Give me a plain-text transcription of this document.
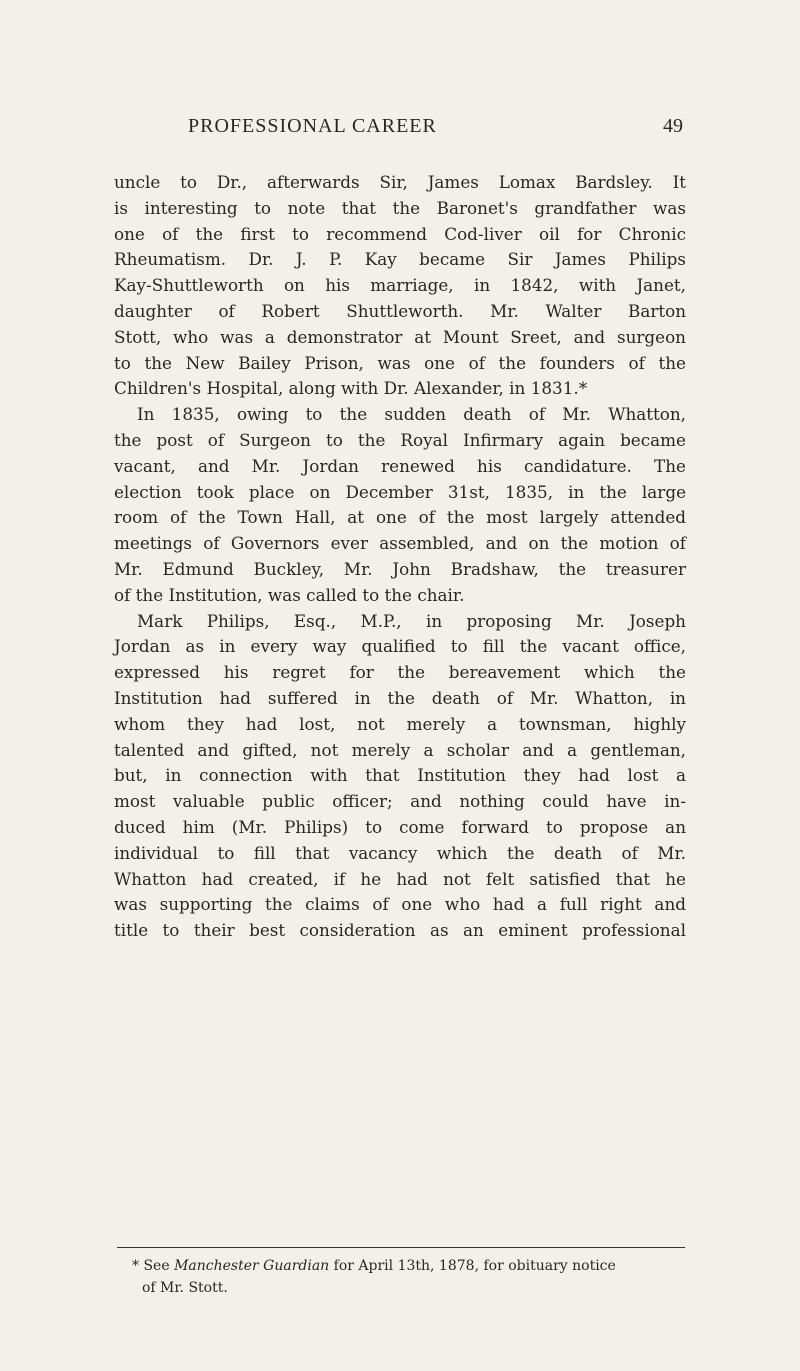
PROFESSIONAL CAREER	49
uncle to Dr., afterwards Sir, James Lomax Bardsley. It
is interesting to note that the Baronet's grandfather was
one of the first to recommend Cod-liver oil for Chronic
Rheumatism. Dr. J. P. Kay became Sir James Philips
Kay-Shuttleworth on his marriage, in 1842, with Janet,
daughter of Robert Shuttleworth. Mr. Walter Barton
Stott, who was a demonstrator at Mount Sreet, and surgeon
to the New Bailey Prison, was one of the founders of the
Children's Hospital, along with Dr. Alexander, in 1831.*
In 1835, owing to the sudden death of Mr. Whatton,
the post of Surgeon to the Royal Infirmary again became
vacant, and Mr. Jordan renewed his candidature. The
election took place on December 31st, 1835, in the large
room of the Town Hall, at one of the most largely attended
meetings of Governors ever assembled, and on the motion of
Mr. Edmund Buckley, Mr. John Bradshaw, the treasurer
of the Institution, was called to the chair.
Mark Philips, Esq., M.P., in proposing Mr. Joseph
Jordan as in every way qualified to fill the vacant office,
expressed his regret for the bereavement which the
Institution had suffered in the death of Mr. Whatton, in
whom they had lost, not merely a townsman, highly
talented and gifted, not merely a scholar and a gentleman,
but, in connection with that Institution they had lost a
most valuable public officer; and nothing could have in-
duced him (Mr. Philips) to come forward to propose an
individual to fill that vacancy which the death of Mr.
Whatton had created, if he had not felt satisfied that he
was supporting the claims of one who had a full right and
title to their best consideration as an eminent professional
* See Manchester Guardian for April 13th, 1878, for obituary notice
of Mr. Stott.
